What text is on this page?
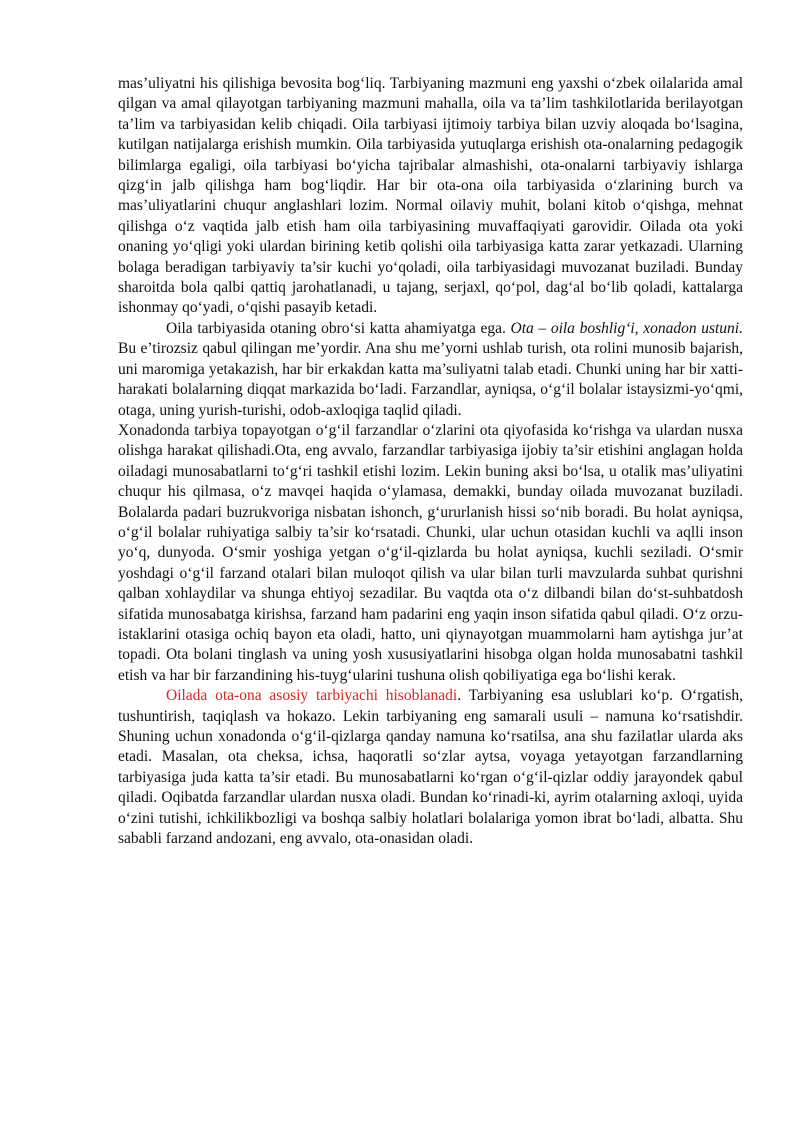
mas’uliyatni his qilishiga bevosita bog‘liq. Tarbiyaning mazmuni eng yaxshi o‘zbek oilalarida amal qilgan va amal qilayotgan tarbiyaning mazmuni mahalla, oila va ta’lim tashkilotlarida berilayotgan ta’lim va tarbiyasidan kelib chiqadi. Oila tarbiyasi ijtimoiy tarbiya bilan uzviy aloqada bo‘lsagina, kutilgan natijalarga erishish mumkin. Oila tarbiyasida yutuqlarga erishish ota-onalarning pedagogik bilimlarga egaligi, oila tarbiyasi bo‘yicha tajribalar almashishi, ota-onalarni tarbiyaviy ishlarga qizg‘in jalb qilishga ham bog‘liqdir. Har bir ota-ona oila tarbiyasida o‘zlarining burch va mas’uliyatlarini chuqur anglashlari lozim. Normal oilaviy muhit, bolani kitob o‘qishga, mehnat qilishga o‘z vaqtida jalb etish ham oila tarbiyasining muvaffaqiyati garovidir. Oilada ota yoki onaning yo‘qligi yoki ulardan birining ketib qolishi oila tarbiyasiga katta zarar yetkazadi. Ularning bolaga beradigan tarbiyaviy ta’sir kuchi yo‘qoladi, oila tarbiyasidagi muvozanat buziladi. Bunday sharoitda bola qalbi qattiq jarohatlanadi, u tajang, serjaxl, qo‘pol, dag‘al bo‘lib qoladi, kattalarga ishonmay qo‘yadi, o‘qishi pasayib ketadi.

Oila tarbiyasida otaning obro‘si katta ahamiyatga ega. Ota – oila boshlig‘i, xonadon ustuni. Bu e’tirozsiz qabul qilingan me’yordir. Ana shu me’yorni ushlab turish, ota rolini munosib bajarish, uni maromiga yetakazish, har bir erkakdan katta ma’suliyatni talab etadi. Chunki uning har bir xatti-harakati bolalarning diqqat markazida bo‘ladi. Farzandlar, ayniqsa, o‘g‘il bolalar istaysizmi-yo‘qmi, otaga, uning yurish-turishi, odob-axloqiga taqlid qiladi.

Xonadonda tarbiya topayotgan o‘g‘il farzandlar o‘zlarini ota qiyofasida ko‘rishga va ulardan nusxa olishga harakat qilishadi.Ota, eng avvalo, farzandlar tarbiyasiga ijobiy ta’sir etishini anglagan holda oiladagi munosabatlarni to‘g‘ri tashkil etishi lozim. Lekin buning aksi bo‘lsa, u otalik mas’uliyatini chuqur his qilmasa, o‘z mavqei haqida o‘ylamasa, demakki, bunday oilada muvozanat buziladi. Bolalarda padari buzrukvoriga nisbatan ishonch, g‘ururlanish hissi so‘nib boradi. Bu holat ayniqsa, o‘g‘il bolalar ruhiyatiga salbiy ta’sir ko‘rsatadi. Chunki, ular uchun otasidan kuchli va aqlli inson yo‘q, dunyoda. O‘smir yoshiga yetgan o‘g‘il-qizlarda bu holat ayniqsa, kuchli seziladi. O‘smir yoshdagi o‘g‘il farzand otalari bilan muloqot qilish va ular bilan turli mavzularda suhbat qurishni qalban xohlaydilar va shunga ehtiyoj sezadilar. Bu vaqtda ota o‘z dilbandi bilan do‘st-suhbatdosh sifatida munosabatga kirishsa, farzand ham padarini eng yaqin inson sifatida qabul qiladi. O‘z orzu-istaklarini otasiga ochiq bayon eta oladi, hatto, uni qiynayotgan muammolarni ham aytishga jur’at topadi. Ota bolani tinglash va uning yosh xususiyatlarini hisobga olgan holda munosabatni tashkil etish va har bir farzandining his-tuyg‘ularini tushuna olish qobiliyatiga ega bo‘lishi kerak.

Oilada ota-ona asosiy tarbiyachi hisoblanadi. Tarbiyaning esa uslublari ko‘p. O‘rgatish, tushuntirish, taqiqlash va hokazo. Lekin tarbiyaning eng samarali usuli – namuna ko‘rsatishdir. Shuning uchun xonadonda o‘g‘il-qizlarga qanday namuna ko‘rsatilsa, ana shu fazilatlar ularda aks etadi. Masalan, ota cheksa, ichsa, haqoratli so‘zlar aytsa, voyaga yetayotgan farzandlarning tarbiyasiga juda katta ta’sir etadi. Bu munosabatlarni ko‘rgan o‘g‘il-qizlar oddiy jarayondek qabul qiladi. Oqibatda farzandlar ulardan nusxa oladi. Bundan ko‘rinadi-ki, ayrim otalarning axloqi, uyida o‘zini tutishi, ichkilikbozligi va boshqa salbiy holatlari bolalariga yomon ibrat bo‘ladi, albatta. Shu sababli farzand andozani, eng avvalo, ota-onasidan oladi.
